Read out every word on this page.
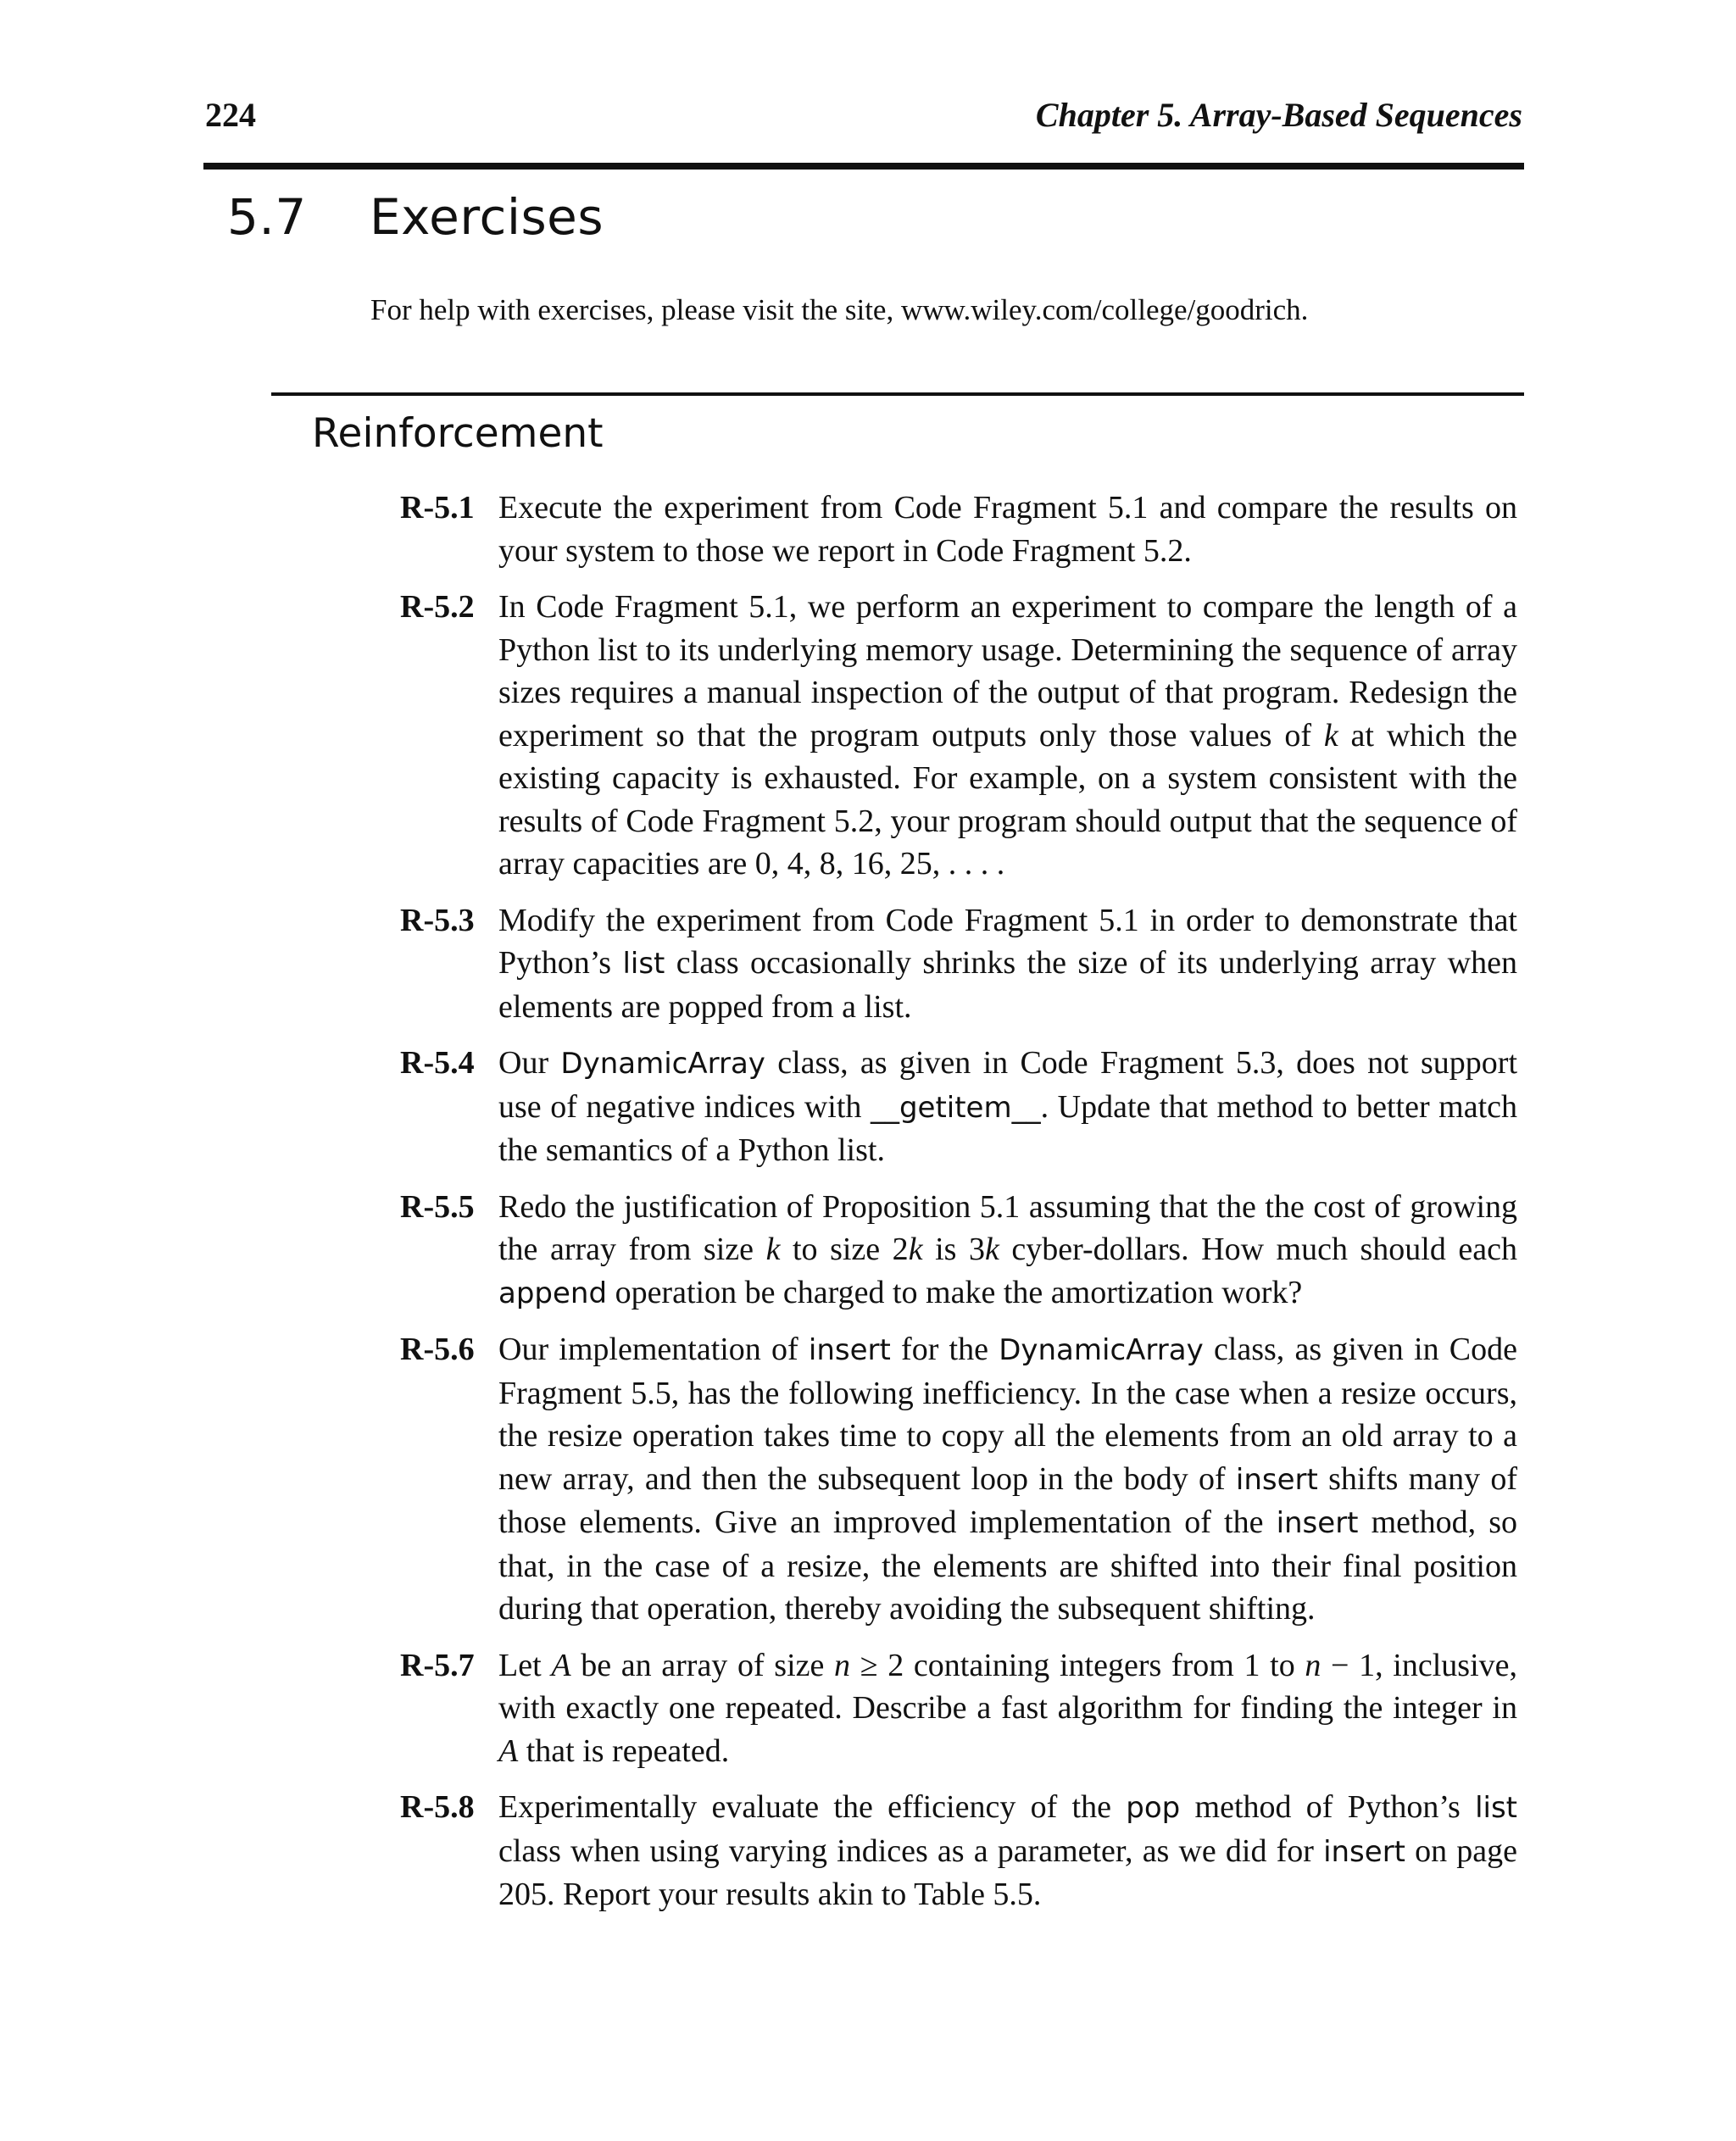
224	Chapter 5. Array-Based Sequences
5.7 Exercises
For help with exercises, please visit the site, www.wiley.com/college/goodrich.
Reinforcement
R-5.1 Execute the experiment from Code Fragment 5.1 and compare the results on your system to those we report in Code Fragment 5.2.
R-5.2 In Code Fragment 5.1, we perform an experiment to compare the length of a Python list to its underlying memory usage. Determining the sequence of array sizes requires a manual inspection of the output of that program. Redesign the experiment so that the program outputs only those values of k at which the existing capacity is exhausted. For example, on a system consistent with the results of Code Fragment 5.2, your program should output that the sequence of array capacities are 0, 4, 8, 16, 25, . . . .
R-5.3 Modify the experiment from Code Fragment 5.1 in order to demonstrate that Python’s list class occasionally shrinks the size of its underlying array when elements are popped from a list.
R-5.4 Our DynamicArray class, as given in Code Fragment 5.3, does not support use of negative indices with __getitem__. Update that method to better match the semantics of a Python list.
R-5.5 Redo the justification of Proposition 5.1 assuming that the the cost of growing the array from size k to size 2k is 3k cyber-dollars. How much should each append operation be charged to make the amortization work?
R-5.6 Our implementation of insert for the DynamicArray class, as given in Code Fragment 5.5, has the following inefficiency. In the case when a resize occurs, the resize operation takes time to copy all the elements from an old array to a new array, and then the subsequent loop in the body of insert shifts many of those elements. Give an improved implementation of the insert method, so that, in the case of a resize, the elements are shifted into their final position during that operation, thereby avoiding the subsequent shifting.
R-5.7 Let A be an array of size n ≥ 2 containing integers from 1 to n − 1, inclusive, with exactly one repeated. Describe a fast algorithm for finding the integer in A that is repeated.
R-5.8 Experimentally evaluate the efficiency of the pop method of Python’s list class when using varying indices as a parameter, as we did for insert on page 205. Report your results akin to Table 5.5.
